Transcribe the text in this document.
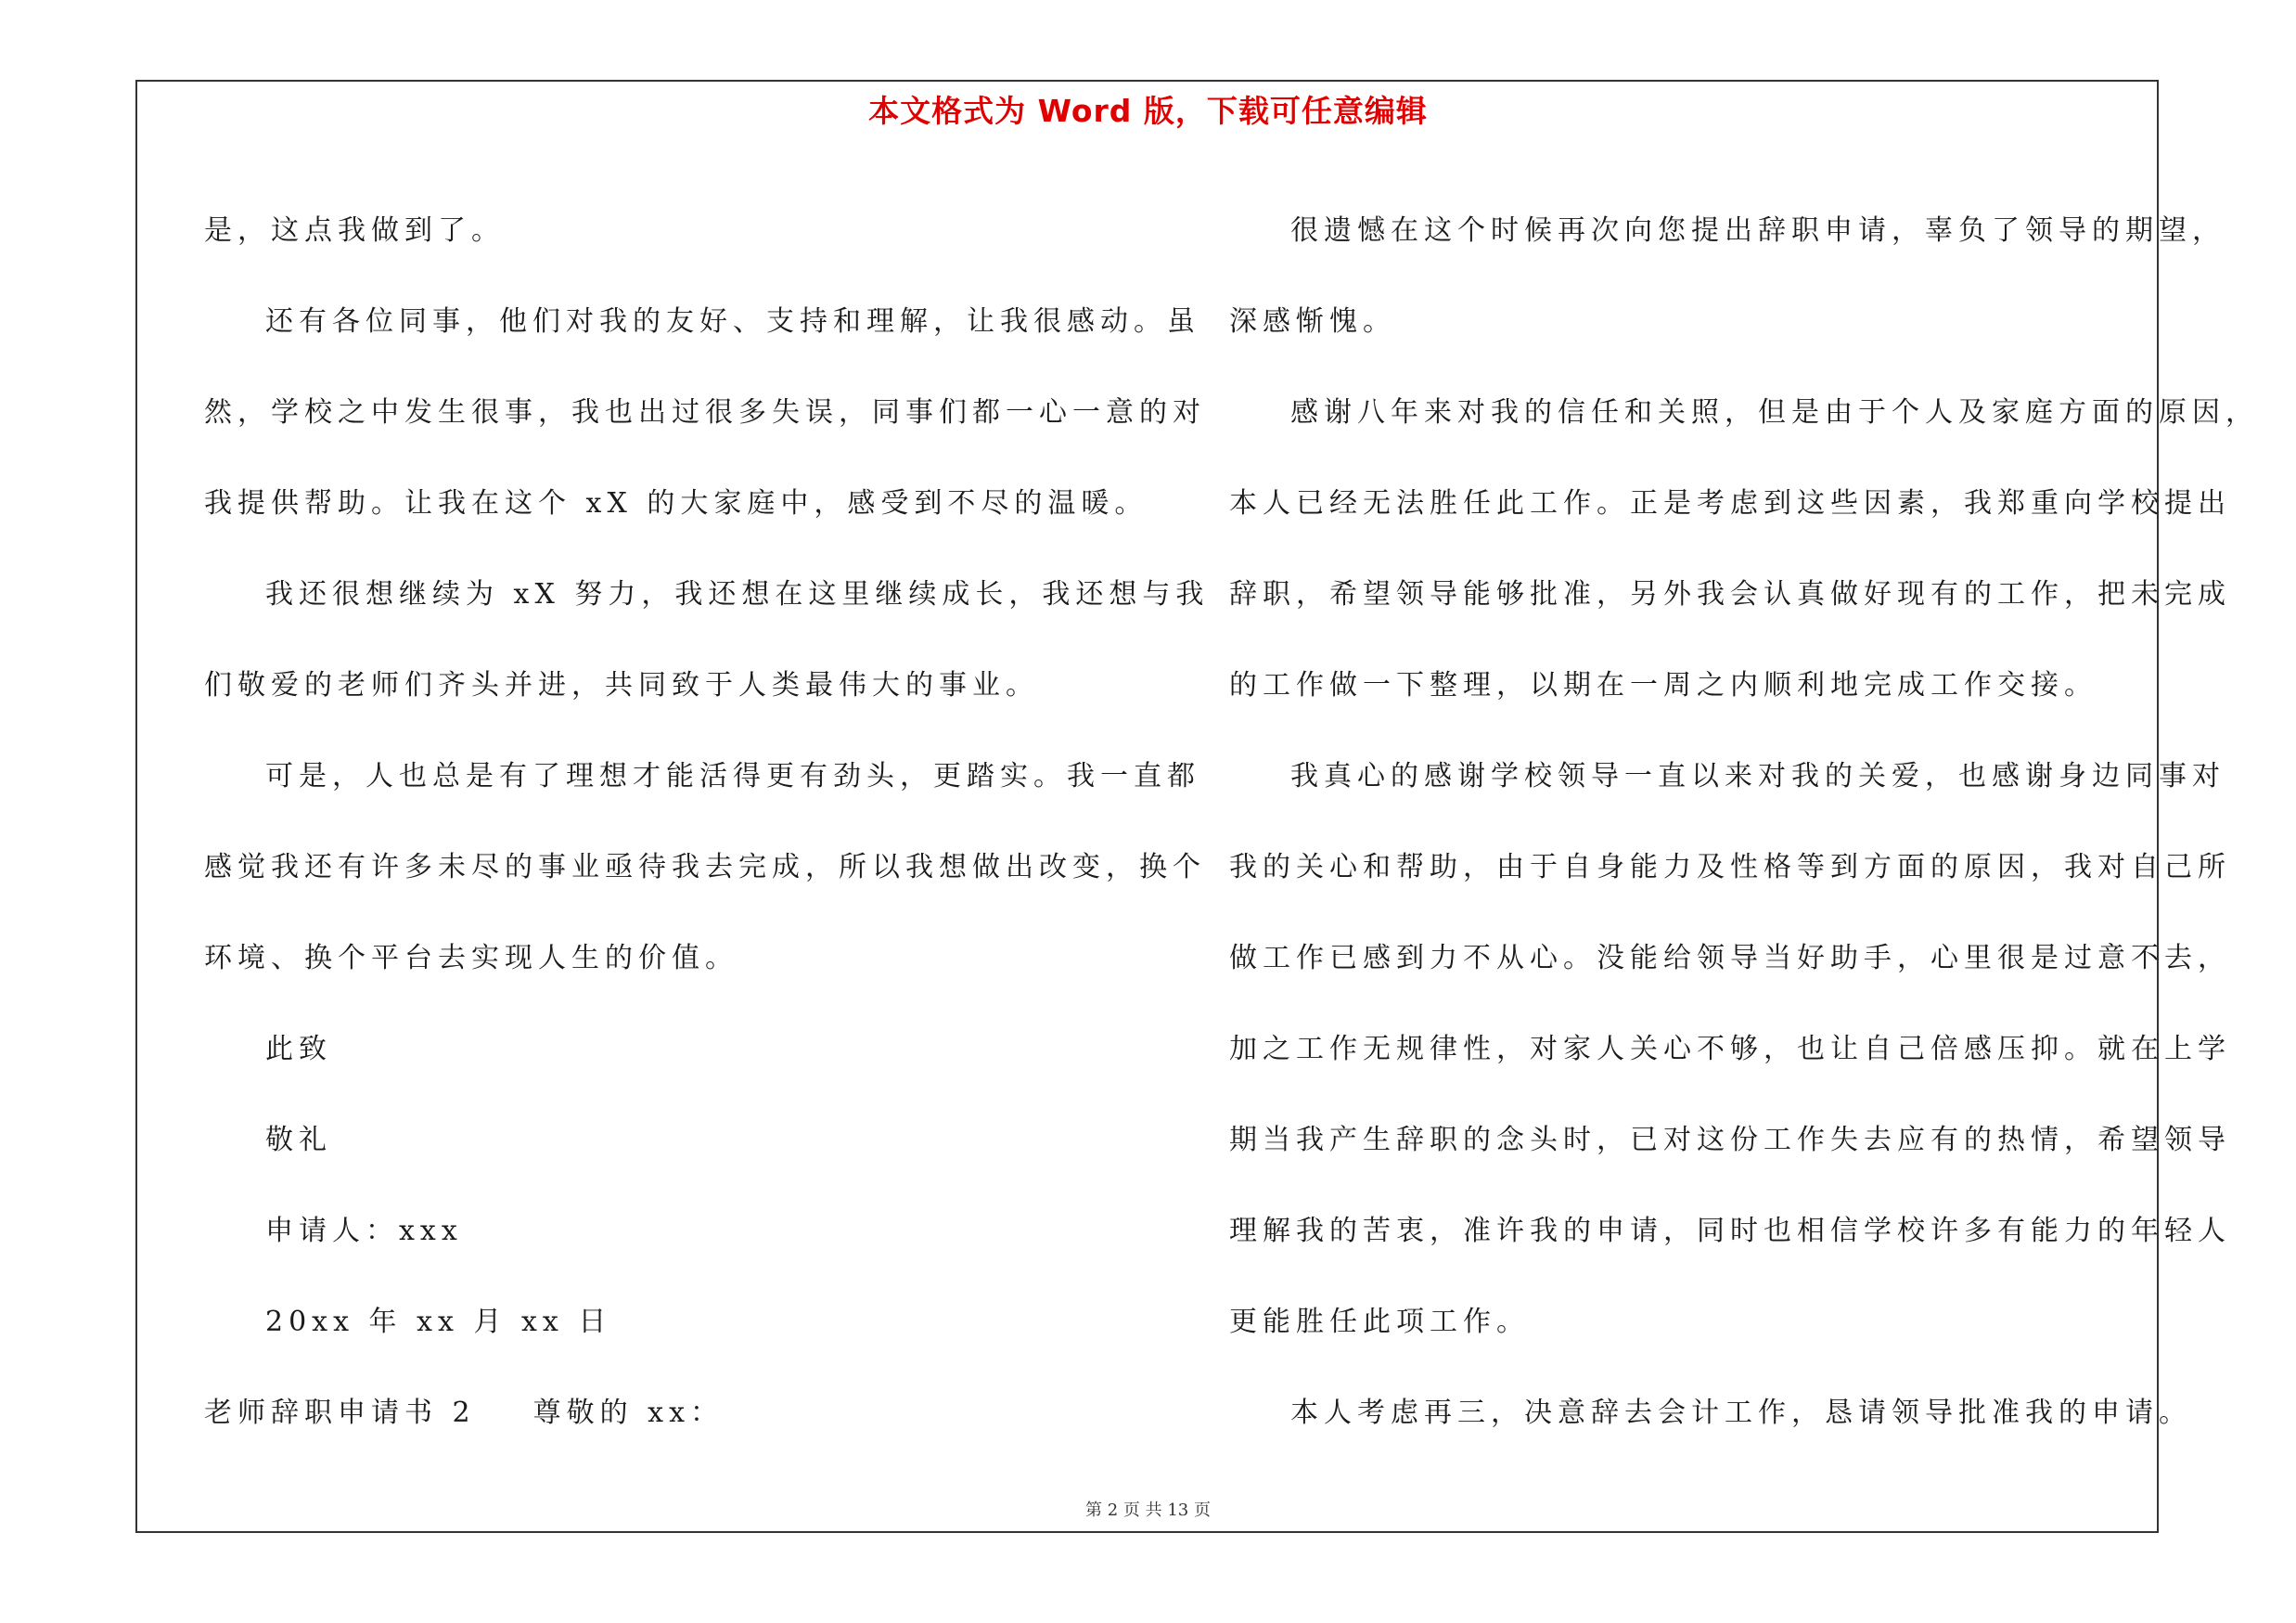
本文格式为 Word 版，下载可任意编辑

是，这点我做到了。

还有各位同事，他们对我的友好、支持和理解，让我很感动。虽

然，学校之中发生很事，我也出过很多失误，同事们都一心一意的对

我提供帮助。让我在这个 xX 的大家庭中，感受到不尽的温暖。

我还很想继续为 xX 努力，我还想在这里继续成长，我还想与我

们敬爱的老师们齐头并进，共同致于人类最伟大的事业。

可是，人也总是有了理想才能活得更有劲头，更踏实。我一直都

感觉我还有许多未尽的事业亟待我去完成，所以我想做出改变，换个

环境、换个平台去实现人生的价值。

此致

敬礼

申请人：xxx

20xx 年 xx 月 xx 日

老师辞职申请书 2 尊敬的 xx：

很遗憾在这个时候再次向您提出辞职申请，辜负了领导的期望，

深感惭愧。

感谢八年来对我的信任和关照，但是由于个人及家庭方面的原因，

本人已经无法胜任此工作。正是考虑到这些因素，我郑重向学校提出

辞职，希望领导能够批准，另外我会认真做好现有的工作，把未完成

的工作做一下整理，以期在一周之内顺利地完成工作交接。

我真心的感谢学校领导一直以来对我的关爱，也感谢身边同事对

我的关心和帮助，由于自身能力及性格等到方面的原因，我对自己所

做工作已感到力不从心。没能给领导当好助手，心里很是过意不去，

加之工作无规律性，对家人关心不够，也让自己倍感压抑。就在上学

期当我产生辞职的念头时，已对这份工作失去应有的热情，希望领导

理解我的苦衷，准许我的申请，同时也相信学校许多有能力的年轻人

更能胜任此项工作。

本人考虑再三，决意辞去会计工作，恳请领导批准我的申请。

第 2 页 共 13 页
